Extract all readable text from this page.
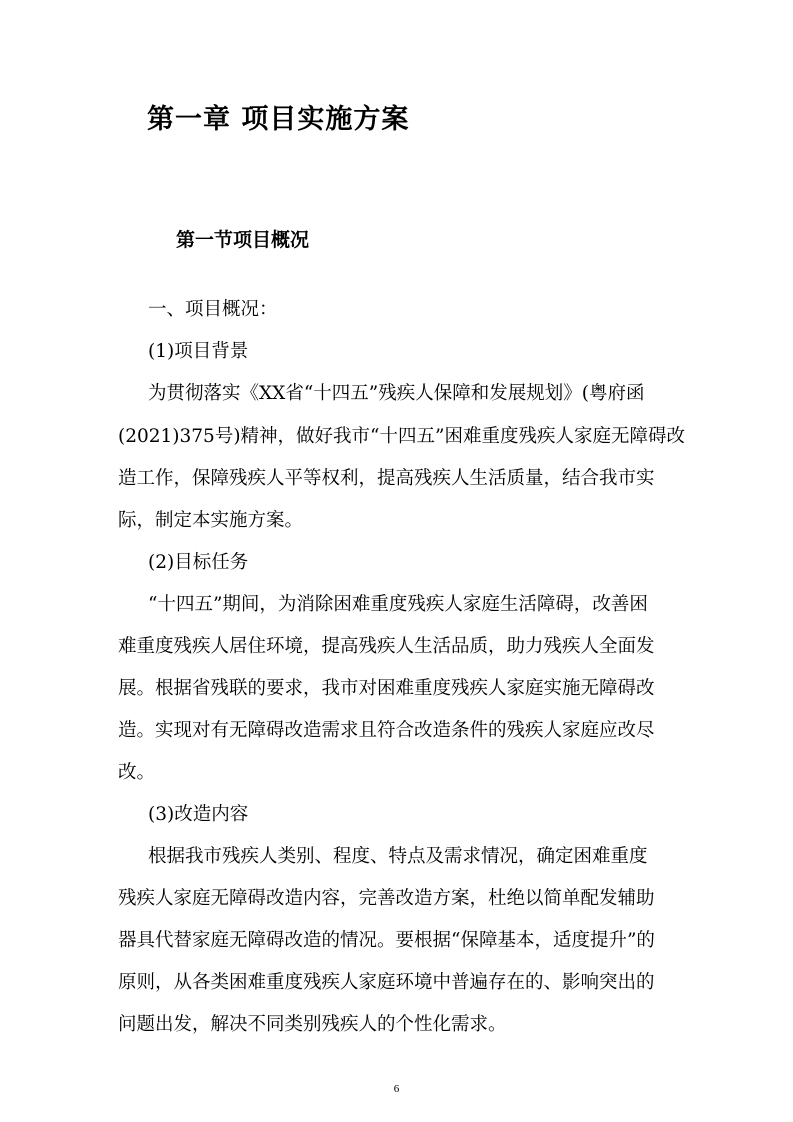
第一章 项目实施方案
第一节项目概况

一、项目概况：

(1)项目背景

为贯彻落实《XX省“十四五”残疾人保障和发展规划》(粤府函

(2021)375号)精神，做好我市“十四五”困难重度残疾人家庭无障碍改

造工作，保障残疾人平等权利，提高残疾人生活质量，结合我市实

际，制定本实施方案。

(2)目标任务

“十四五”期间，为消除困难重度残疾人家庭生活障碍，改善困

难重度残疾人居住环境，提高残疾人生活品质，助力残疾人全面发

展。根据省残联的要求，我市对困难重度残疾人家庭实施无障碍改

造。实现对有无障碍改造需求且符合改造条件的残疾人家庭应改尽

改。

(3)改造内容

根据我市残疾人类别、程度、特点及需求情况，确定困难重度

残疾人家庭无障碍改造内容，完善改造方案，杜绝以简单配发辅助

器具代替家庭无障碍改造的情况。要根据“保障基本，适度提升”的

原则，从各类困难重度残疾人家庭环境中普遍存在的、影响突出的

问题出发，解决不同类别残疾人的个性化需求。

6
